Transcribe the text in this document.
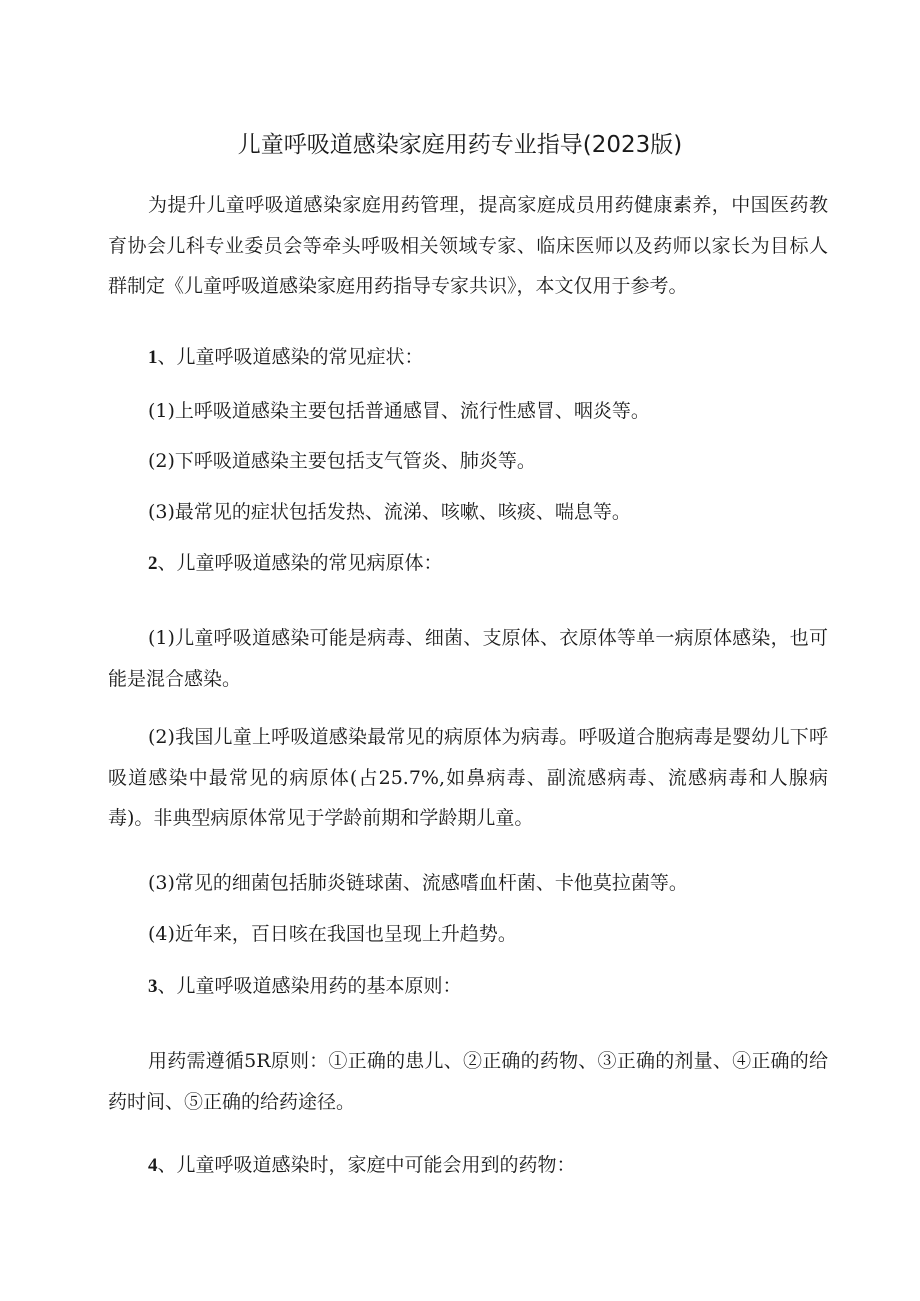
儿童呼吸道感染家庭用药专业指导(2023版)

为提升儿童呼吸道感染家庭用药管理，提高家庭成员用药健康素养，中国医药教育协会儿科专业委员会等牵头呼吸相关领域专家、临床医师以及药师以家长为目标人群制定《儿童呼吸道感染家庭用药指导专家共识》，本文仅用于参考。

1、儿童呼吸道感染的常见症状：

(1)上呼吸道感染主要包括普通感冒、流行性感冒、咽炎等。

(2)下呼吸道感染主要包括支气管炎、肺炎等。

(3)最常见的症状包括发热、流涕、咳嗽、咳痰、喘息等。

2、儿童呼吸道感染的常见病原体：

(1)儿童呼吸道感染可能是病毒、细菌、支原体、衣原体等单一病原体感染，也可能是混合感染。

(2)我国儿童上呼吸道感染最常见的病原体为病毒。呼吸道合胞病毒是婴幼儿下呼吸道感染中最常见的病原体(占25.7%,如鼻病毒、副流感病毒、流感病毒和人腺病毒)。非典型病原体常见于学龄前期和学龄期儿童。

(3)常见的细菌包括肺炎链球菌、流感嗜血杆菌、卡他莫拉菌等。

(4)近年来，百日咳在我国也呈现上升趋势。

3、儿童呼吸道感染用药的基本原则：

用药需遵循5R原则：①正确的患儿、②正确的药物、③正确的剂量、④正确的给药时间、⑤正确的给药途径。

4、儿童呼吸道感染时，家庭中可能会用到的药物：
